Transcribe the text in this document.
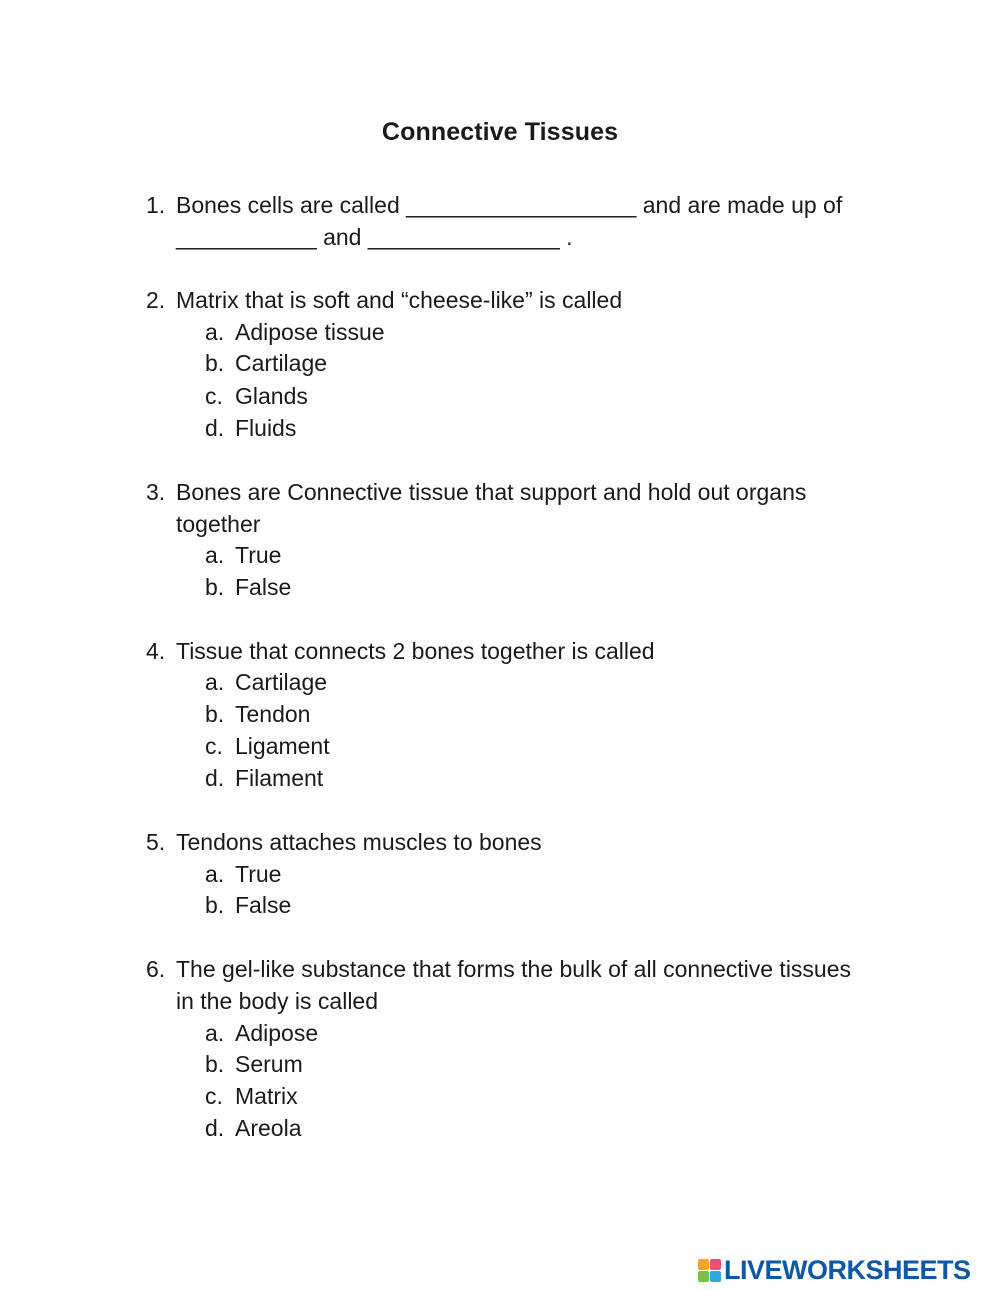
Connective Tissues
1. Bones cells are called __________________ and are made up of
___________ and _______________ .
2. Matrix that is soft and “cheese-like” is called
a. Adipose tissue
b. Cartilage
c. Glands
d. Fluids
3. Bones are Connective tissue that support and hold out organs
together
a. True
b. False
4. Tissue that connects 2 bones together is called
a. Cartilage
b. Tendon
c. Ligament
d. Filament
5. Tendons attaches muscles to bones
a. True
b. False
6. The gel-like substance that forms the bulk of all connective tissues
in the body is called
a. Adipose
b. Serum
c. Matrix
d. Areola
LIVEWORKSHEETS
